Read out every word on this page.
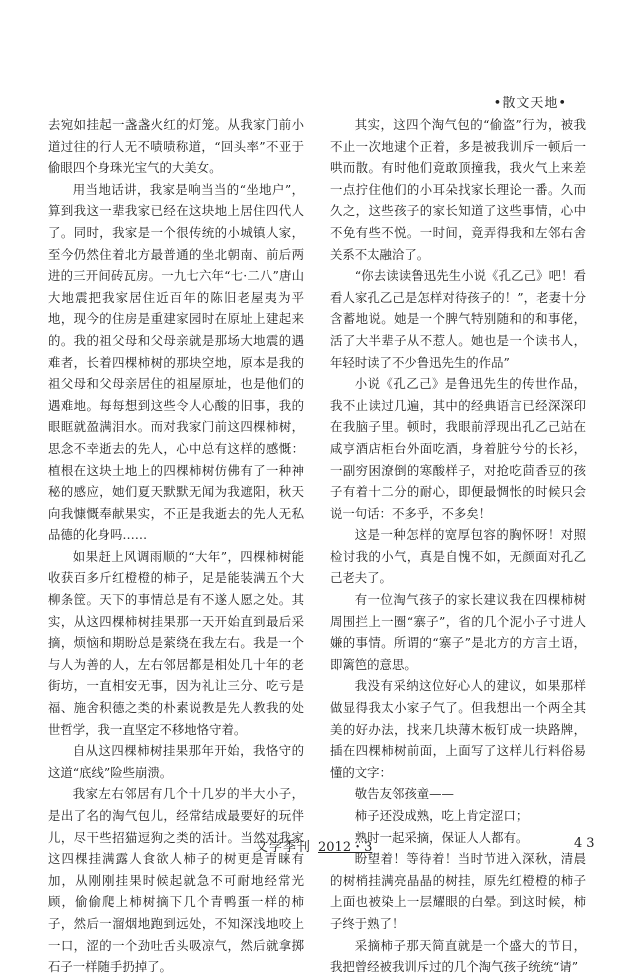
•散文天地•

去宛如挂起一盏盏火红的灯笼。从我家门前小道过往的行人无不啧啧称道，“回头率”不亚于偷眼四个身珠光宝气的大美女。

用当地话讲，我家是响当当的“坐地户”，算到我这一辈我家已经在这块地上居住四代人了。同时，我家是一个很传统的小城镇人家，至今仍然住着北方最普通的坐北朝南、前后两进的三开间砖瓦房。一九七六年“七·二八”唐山大地震把我家居住近百年的陈旧老屋夷为平地，现今的住房是重建家园时在原址上建起来的。我的祖父母和父母亲就是那场大地震的遇难者，长着四棵柿树的那块空地，原本是我的祖父母和父母亲居住的祖屋原址，也是他们的遇难地。每每想到这些令人心酸的旧事，我的眼眶就盈满泪水。而对我家门前这四棵柿树，思念不幸逝去的先人，心中总有这样的感慨：植根在这块土地上的四棵柿树仿佛有了一种神秘的感应，她们夏天默默无闻为我遮阳，秋天向我慷慨奉献果实，不正是我逝去的先人无私品德的化身吗……

如果赶上风调雨顺的“大年”，四棵柿树能收获百多斤红橙橙的柿子，足是能装满五个大柳条筐。天下的事情总是有不遂人愿之处。其实，从这四棵柿树挂果那一天开始直到最后采摘，烦恼和期盼总是萦绕在我左右。我是一个与人为善的人，左右邻居都是相处几十年的老街坊，一直相安无事，因为礼让三分、吃亏是福、施舍积德之类的朴素说教是先人教我的处世哲学，我一直坚定不移地恪守着。

自从这四棵柿树挂果那年开始，我恪守的这道“底线”险些崩溃。

我家左右邻居有几个十几岁的半大小子，是出了名的淘气包儿，经常结成最要好的玩伴儿，尽干些招猫逗狗之类的活计。当然对我家这四棵挂满露人食欲人柿子的树更是青睐有加，从刚刚挂果时候起就急不可耐地经常光顾，偷偷爬上柿树摘下几个青鸭蛋一样的柿子，然后一溜烟地跑到远处，不知深浅地咬上一口，涩的一个劲吐舌头吸凉气，然后就拿掷石子一样随手扔掉了。

其实，这四个淘气包的“偷盗”行为，被我不止一次地逮个正着，多是被我训斥一顿后一哄而散。有时他们竟敢顶撞我，我火气上来差一点拧住他们的小耳朵找家长理论一番。久而久之，这些孩子的家长知道了这些事情，心中不免有些不悦。一时间，竟弄得我和左邻右舍关系不太融洽了。

“你去读读鲁迅先生小说《孔乙己》吧！看看人家孔乙己是怎样对待孩子的！”，老妻十分含蓄地说。她是一个脾气特别随和的和事佬，活了大半辈子从不惹人。她也是一个读书人，年轻时读了不少鲁迅先生的作品”

小说《孔乙己》是鲁迅先生的传世作品，我不止读过几遍，其中的经典语言已经深深印在我脑子里。顿时，我眼前浮现出孔乙己站在咸亨酒店柜台外面吃酒，身着脏兮兮的长衫，一副穷困潦倒的寒酸样子，对抢吃茴香豆的孩子有着十二分的耐心，即便最惆怅的时候只会说一句话：不多乎，不多矣！

这是一种怎样的宽厚包容的胸怀呀！对照检讨我的小气，真是自愧不如，无颜面对孔乙己老夫了。

有一位淘气孩子的家长建议我在四棵柿树周围拦上一圈“寨子”，省的几个泥小子寸进人嫌的事情。所谓的“寨子”是北方的方言土语，即篱笆的意思。

我没有采纳这位好心人的建议，如果那样做显得我太小家子气了。但我想出一个两全其美的好办法，找来几块薄木板钉成一块路牌，插在四棵柿树前面，上面写了这样儿行料俗易懂的文字：

敬告友邻孩童——

柿子还没成熟，吃上肯定涩口；

熟时一起采摘，保证人人都有。

盼望着！等待着！当时节进入深秋，清晨的树梢挂满亮晶晶的树挂，原先红橙橙的柿子上面也被染上一层耀眼的白晕。到这时候，柿子终于熟了！

采摘柿子那天简直就是一个盛大的节日，我把曾经被我训斥过的几个淘气孩子统统“请”

文学季刊 2012・3	43
